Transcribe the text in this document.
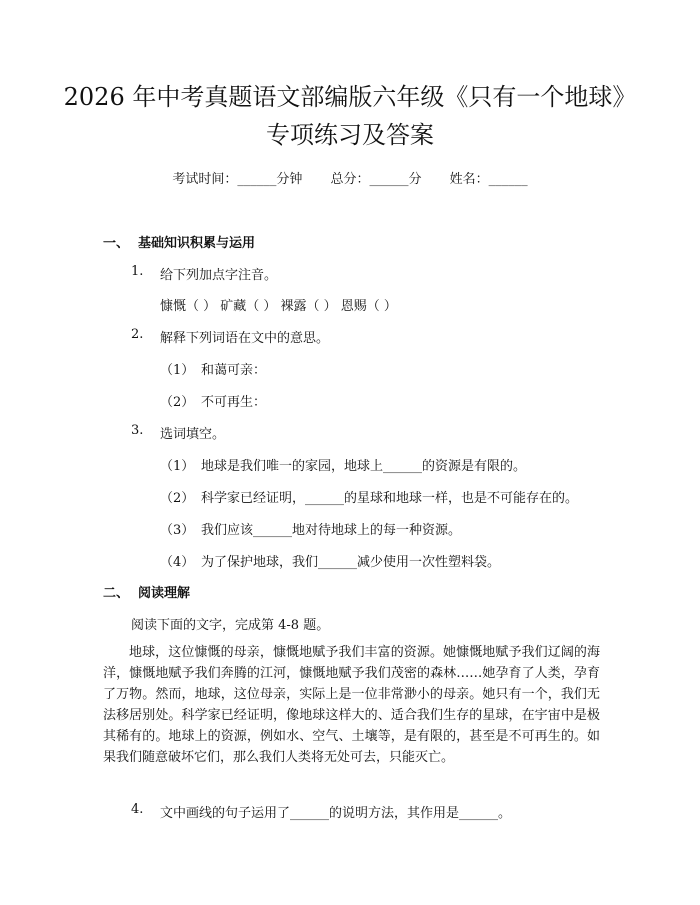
2026 年中考真题语文部编版六年级《只有一个地球》专项练习及答案
考试时间：______分钟 总分：______分 姓名：______
一、 基础知识积累与运用
1. 给下列加点字注音。
慷慨（ ） 矿藏（ ） 裸露（ ） 恩赐（ ）
2. 解释下列词语在文中的意思。
（1） 和蔼可亲：
（2） 不可再生：
3. 选词填空。
（1） 地球是我们唯一的家园，地球上______的资源是有限的。
（2） 科学家已经证明，______的星球和地球一样，也是不可能存在的。
（3） 我们应该______地对待地球上的每一种资源。
（4） 为了保护地球，我们______减少使用一次性塑料袋。
二、 阅读理解
阅读下面的文字，完成第 4-8 题。
地球，这位慷慨的母亲，慷慨地赋予我们丰富的资源。她慷慨地赋予我们辽阔的海洋，慷慨地赋予我们奔腾的江河，慷慨地赋予我们茂密的森林……她孕育了人类，孕育了万物。然而，地球，这位母亲，实际上是一位非常渺小的母亲。她只有一个，我们无法移居别处。科学家已经证明，像地球这样大的、适合我们生存的星球，在宇宙中是极其稀有的。地球上的资源，例如水、空气、土壤等，是有限的，甚至是不可再生的。如果我们随意破坏它们，那么我们人类将无处可去，只能灭亡。
4. 文中画线的句子运用了______的说明方法，其作用是______。
